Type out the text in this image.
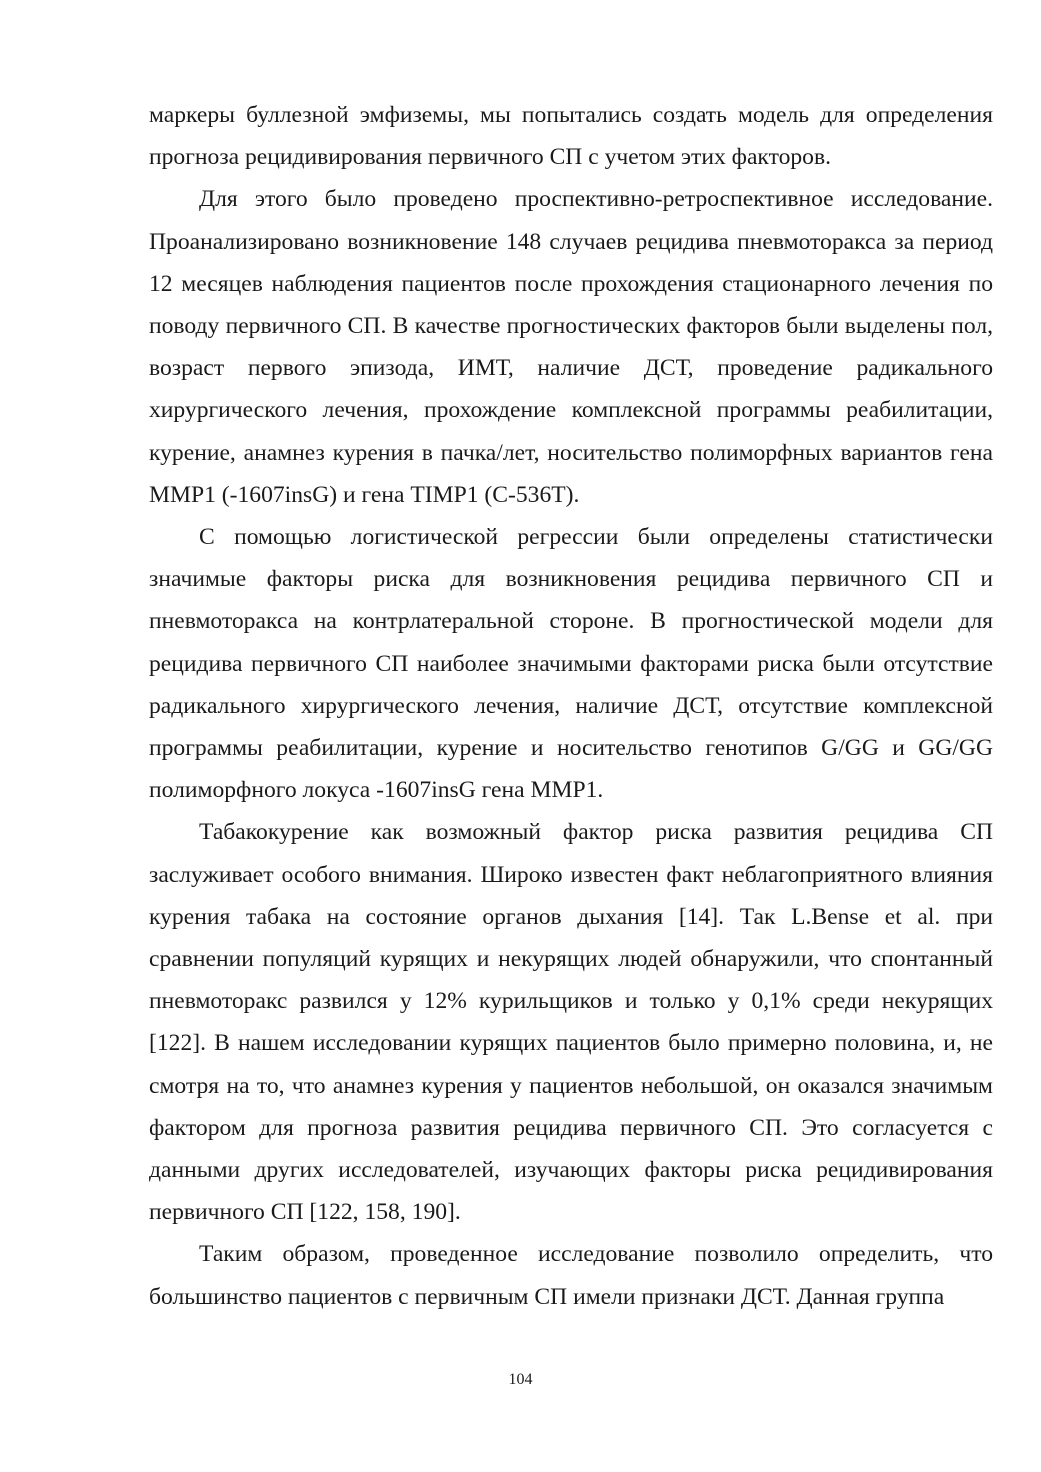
маркеры буллезной эмфиземы, мы попытались создать модель для определения прогноза рецидивирования первичного СП с учетом этих факторов.

Для этого было проведено проспективно-ретроспективное исследование. Проанализировано возникновение 148 случаев рецидива пневмоторакса за период 12 месяцев наблюдения пациентов после прохождения стационарного лечения по поводу первичного СП. В качестве прогностических факторов были выделены пол, возраст первого эпизода, ИМТ, наличие ДСТ, проведение радикального хирургического лечения, прохождение комплексной программы реабилитации, курение, анамнез курения в пачка/лет, носительство полиморфных вариантов гена MMP1 (-1607insG) и гена TIMP1 (C-536T).

С помощью логистической регрессии были определены статистически значимые факторы риска для возникновения рецидива первичного СП и пневмоторакса на контрлатеральной стороне. В прогностической модели для рецидива первичного СП наиболее значимыми факторами риска были отсутствие радикального хирургического лечения, наличие ДСТ, отсутствие комплексной программы реабилитации, курение и носительство генотипов G/GG и GG/GG полиморфного локуса -1607insG гена MMP1.

Табакокурение как возможный фактор риска развития рецидива СП заслуживает особого внимания. Широко известен факт неблагоприятного влияния курения табака на состояние органов дыхания [14]. Так L.Bense et al. при сравнении популяций курящих и некурящих людей обнаружили, что спонтанный пневмоторакс развился у 12% курильщиков и только у 0,1% среди некурящих [122]. В нашем исследовании курящих пациентов было примерно половина, и, не смотря на то, что анамнез курения у пациентов небольшой, он оказался значимым фактором для прогноза развития рецидива первичного СП. Это согласуется с данными других исследователей, изучающих факторы риска рецидивирования первичного СП [122, 158, 190].

Таким образом, проведенное исследование позволило определить, что большинство пациентов с первичным СП имели признаки ДСТ. Данная группа

104
